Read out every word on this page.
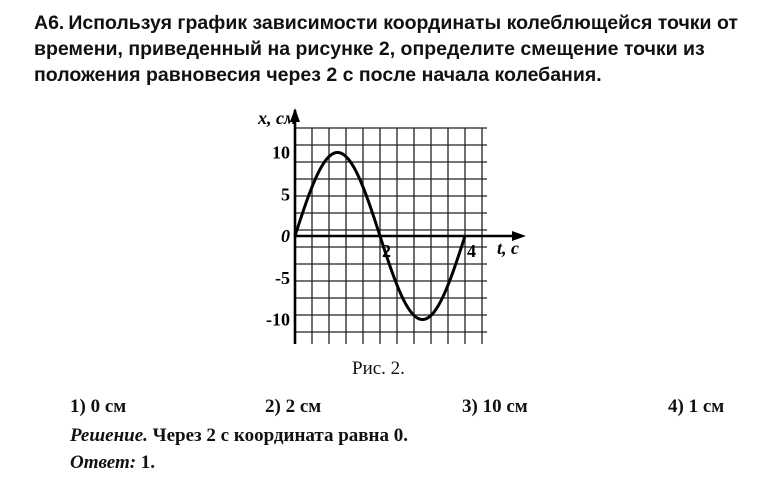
А6. Используя график зависимости координаты колеблющейся точки от времени, приведенный на рисунке 2, определите смещение точки из положения равновесия через 2 с после начала колебания.
x, см
t, с
10
5
0
-5
-10
2	4
Рис. 2.
1) 0 см	2) 2 см	3) 10 см	4) 1 см
Решение. Через 2 с координата равна 0.
Ответ: 1.
